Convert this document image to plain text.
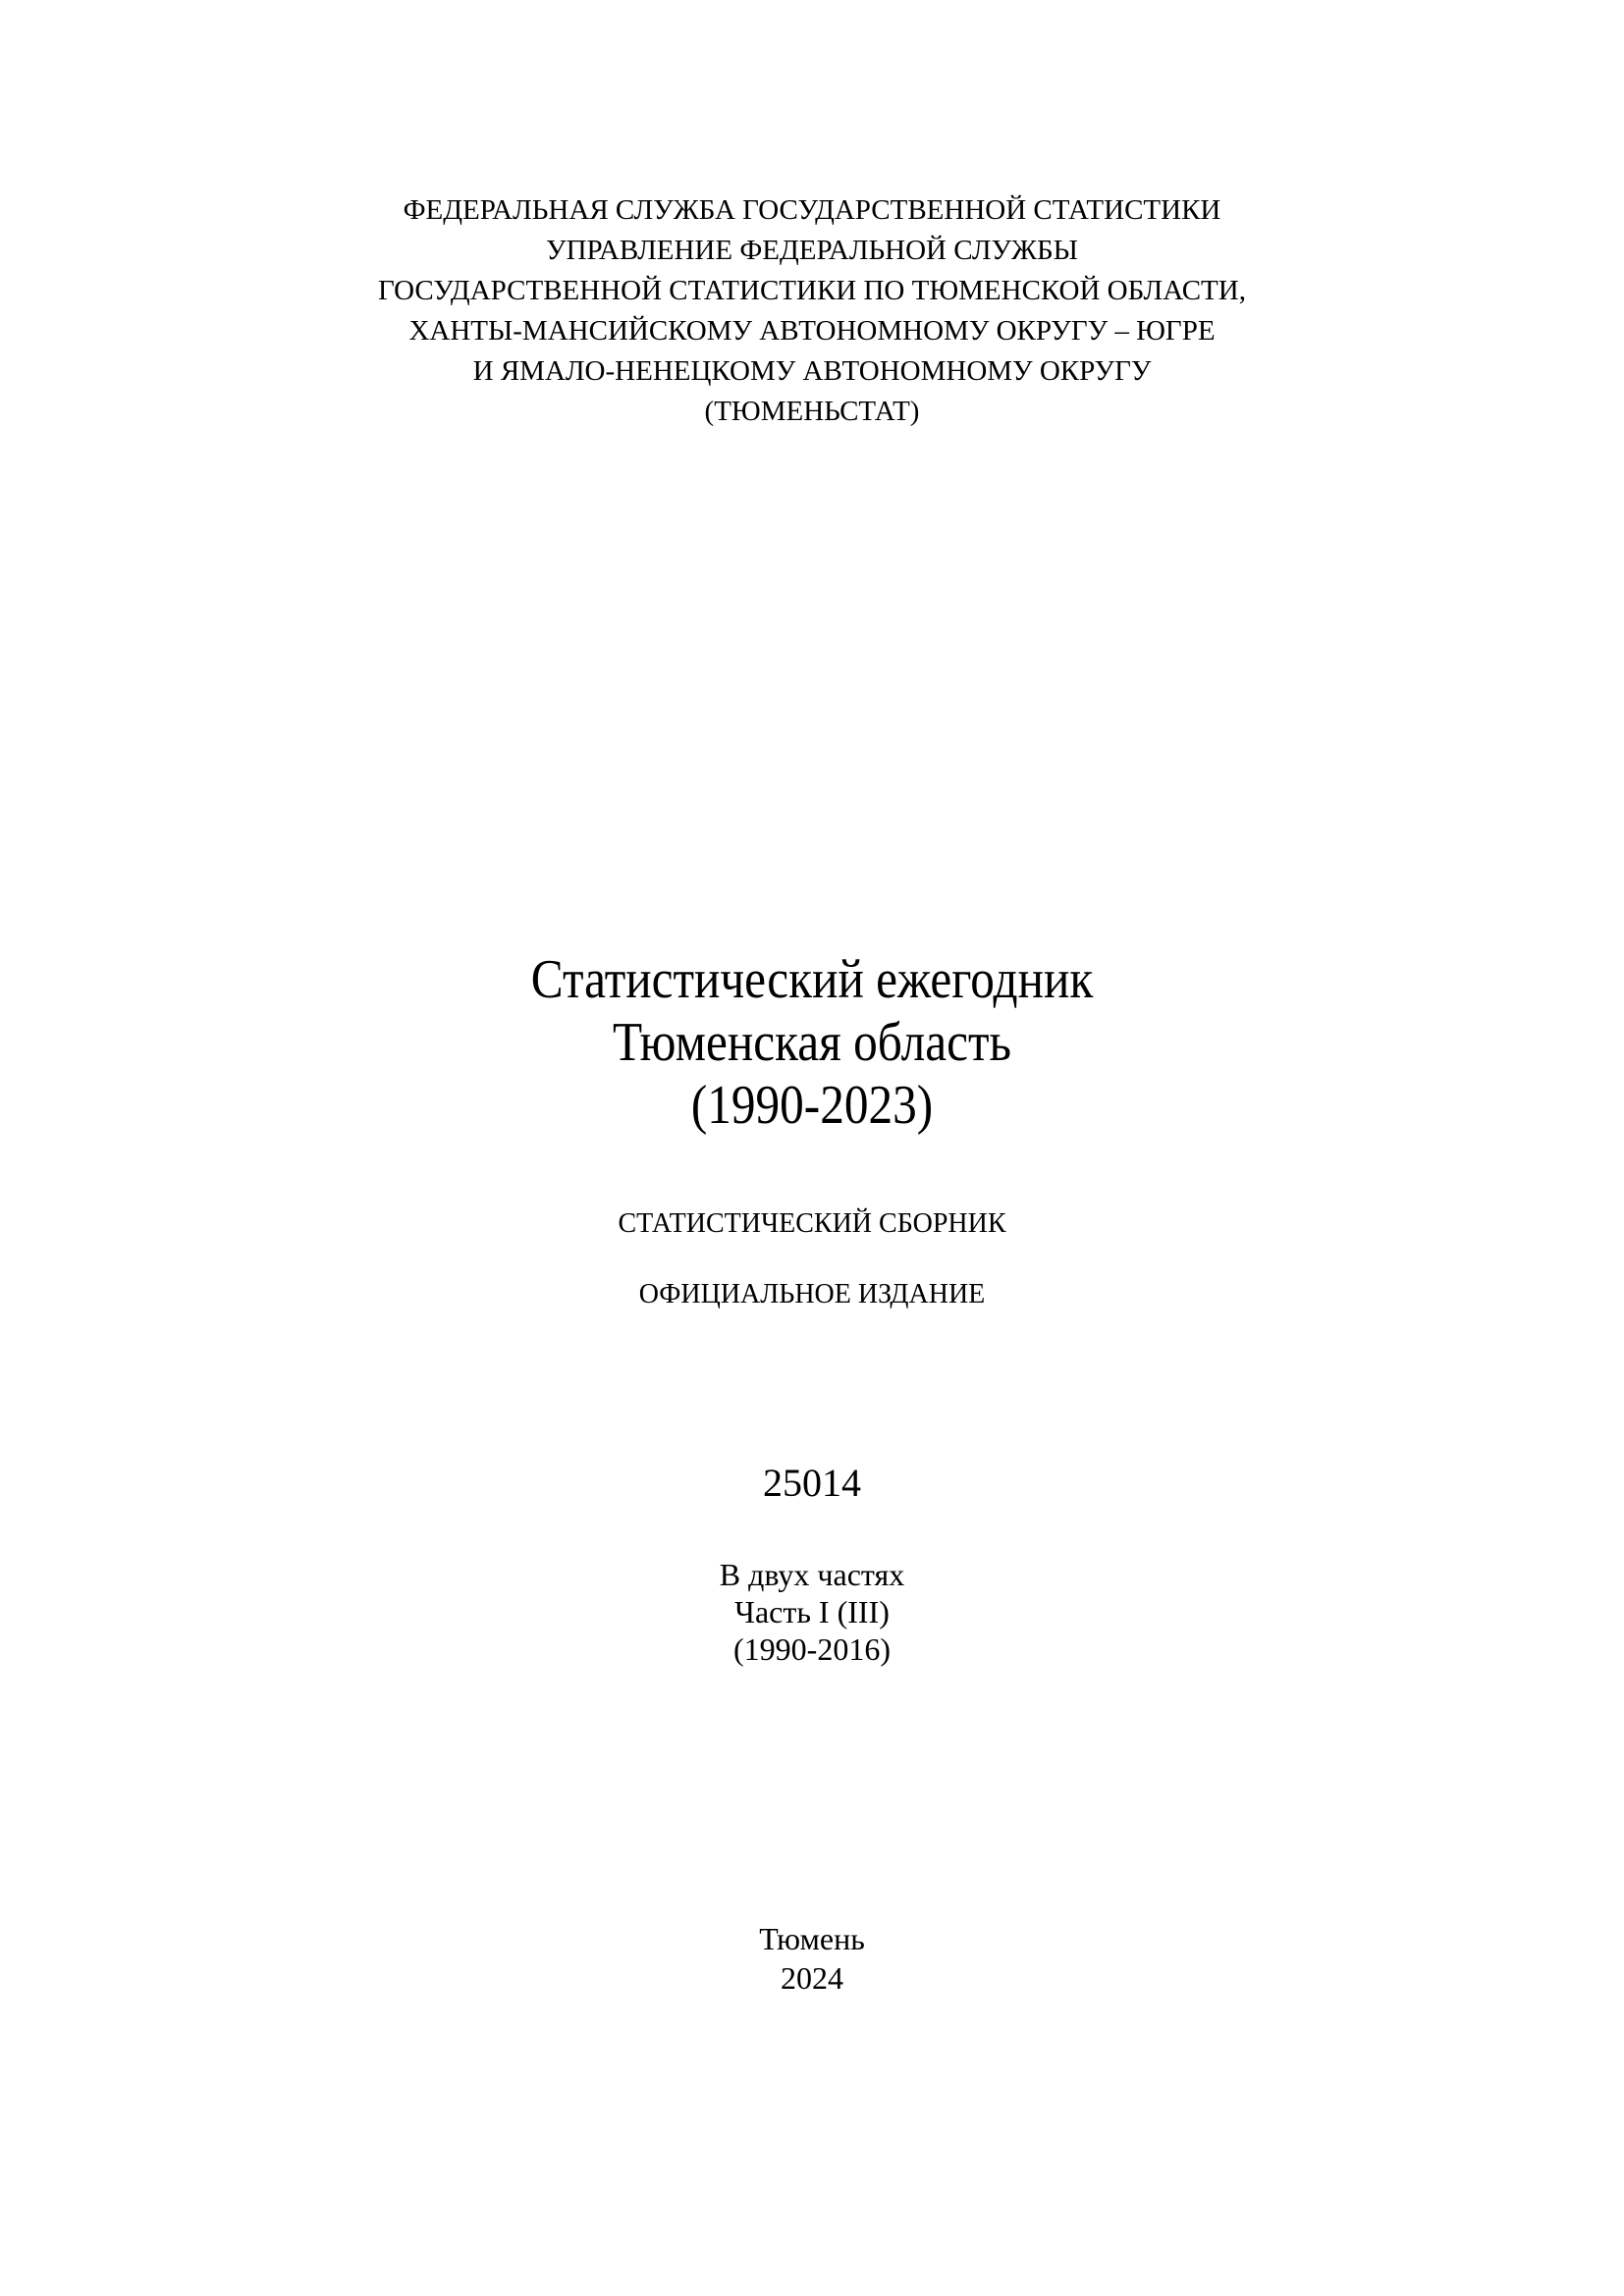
ФЕДЕРАЛЬНАЯ СЛУЖБА ГОСУДАРСТВЕННОЙ СТАТИСТИКИ
УПРАВЛЕНИЕ ФЕДЕРАЛЬНОЙ СЛУЖБЫ
ГОСУДАРСТВЕННОЙ СТАТИСТИКИ ПО ТЮМЕНСКОЙ ОБЛАСТИ,
ХАНТЫ-МАНСИЙСКОМУ АВТОНОМНОМУ ОКРУГУ – ЮГРЕ
И ЯМАЛО-НЕНЕЦКОМУ АВТОНОМНОМУ ОКРУГУ
(ТЮМЕНЬСТАТ)
Статистический ежегодник
Тюменская область
(1990-2023)
СТАТИСТИЧЕСКИЙ СБОРНИК
ОФИЦИАЛЬНОЕ ИЗДАНИЕ
25014
В двух частях
Часть I (III)
(1990-2016)
Тюмень
2024
